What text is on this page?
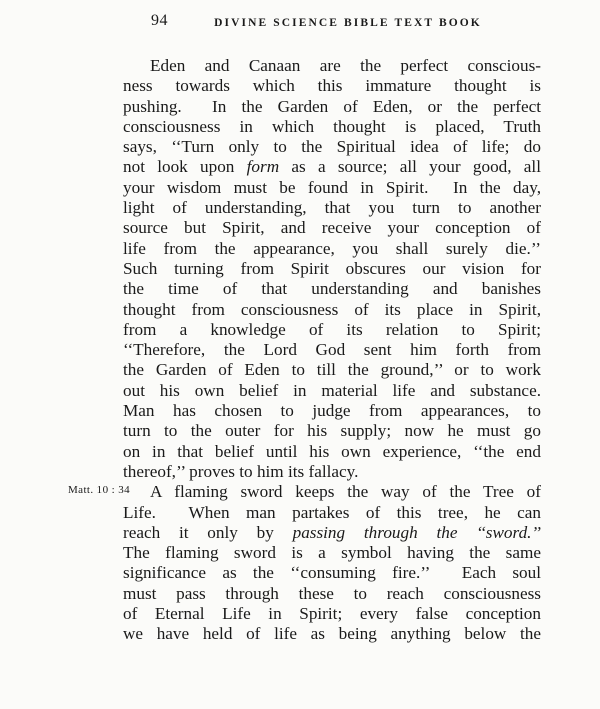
94	DIVINE SCIENCE BIBLE TEXT BOOK
Matt. 10 : 34
Eden and Canaan are the perfect conscious-
ness towards which this immature thought is
pushing.  In the Garden of Eden, or the perfect
consciousness in which thought is placed, Truth
says, ‘‘Turn only to the Spiritual idea of life; do
not look upon form as a source; all your good, all
your wisdom must be found in Spirit.  In the day,
light of understanding, that you turn to another
source but Spirit, and receive your conception of
life from the appearance, you shall surely die.’’
Such turning from Spirit obscures our vision for
the time of that understanding and banishes
thought from consciousness of its place in Spirit,
from a knowledge of its relation to Spirit;
‘‘Therefore, the Lord God sent him forth from
the Garden of Eden to till the ground,’’ or to work
out his own belief in material life and substance.
Man has chosen to judge from appearances, to
turn to the outer for his supply; now he must go
on in that belief until his own experience, ‘‘the end
thereof,’’ proves to him its fallacy.
A flaming sword keeps the way of the Tree of
Life.  When man partakes of this tree, he can
reach it only by passing through the ‘‘sword.’’
The flaming sword is a symbol having the same
significance as the ‘‘consuming fire.’’  Each soul
must pass through these to reach consciousness
of Eternal Life in Spirit; every false conception
we have held of life as being anything below the
